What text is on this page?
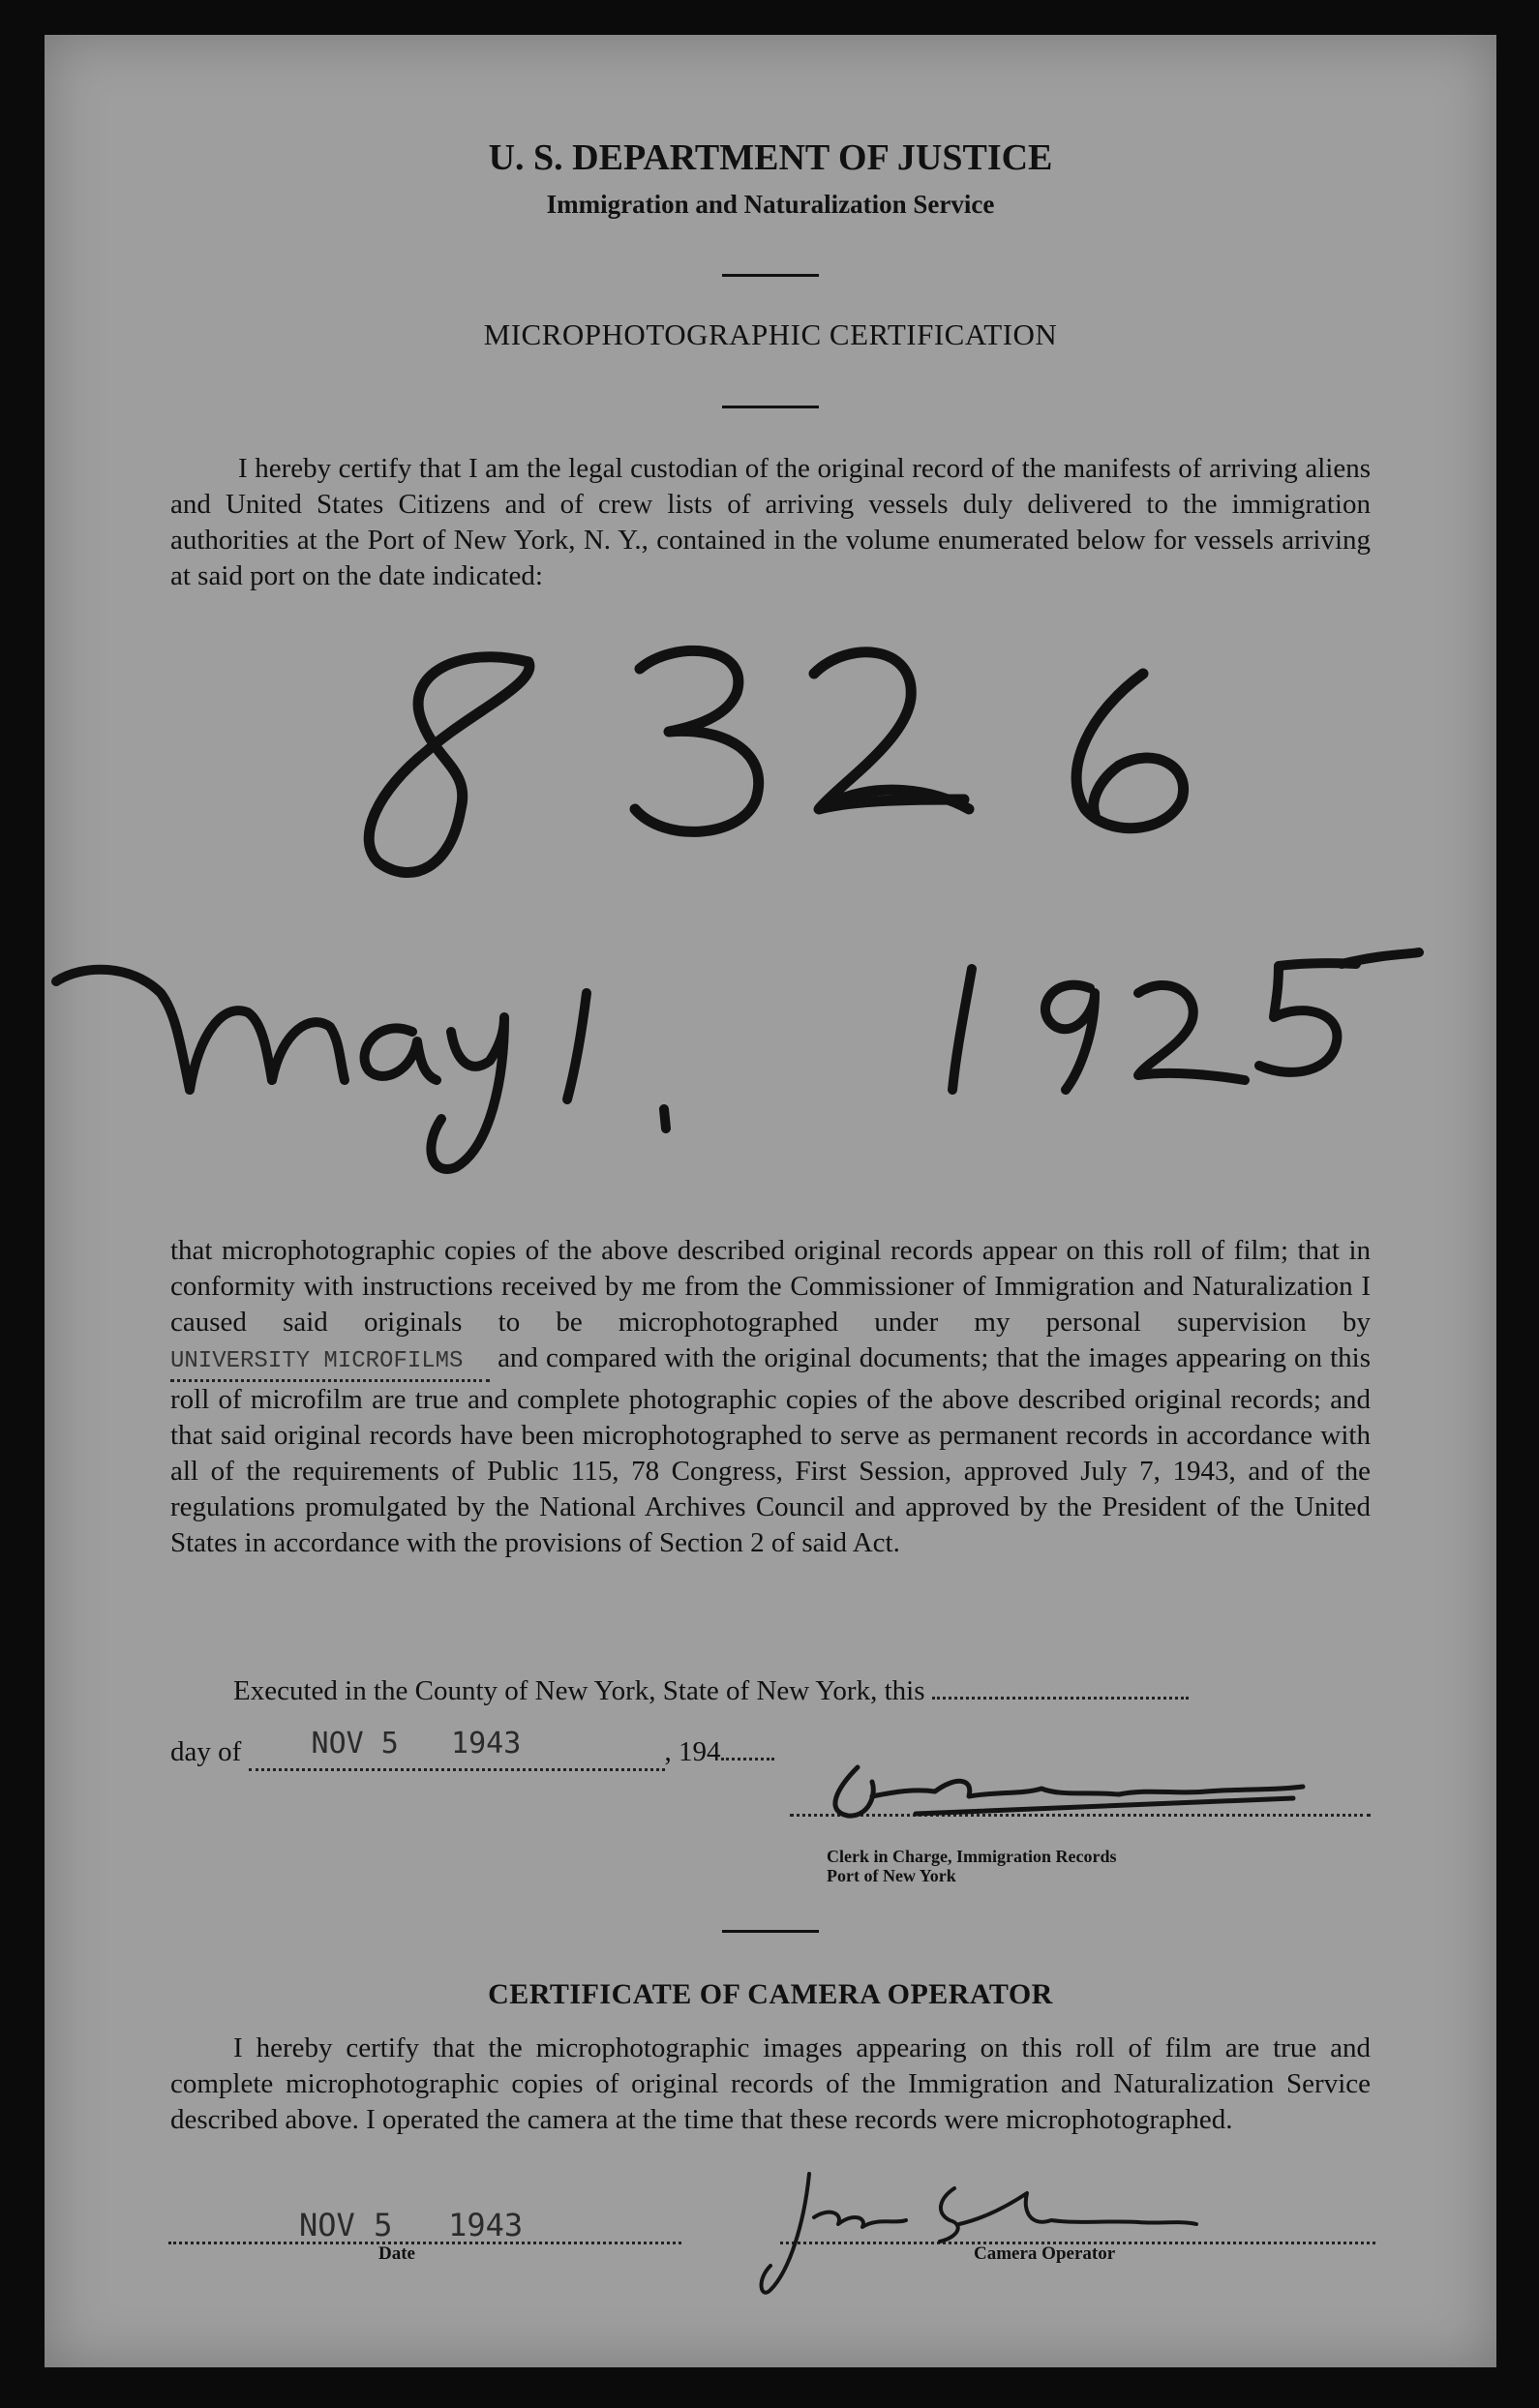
U. S. DEPARTMENT OF JUSTICE
Immigration and Naturalization Service
MICROPHOTOGRAPHIC CERTIFICATION
I hereby certify that I am the legal custodian of the original record of the manifests of arriving aliens and United States Citizens and of crew lists of arriving vessels duly delivered to the immigration authorities at the Port of New York, N. Y., contained in the volume enumerated below for vessels arriving at said port on the date indicated:
that microphotographic copies of the above described original records appear on this roll of film; that in conformity with instructions received by me from the Commissioner of Immigration and Naturalization I caused said originals to be microphotographed under my personal supervision by UNIVERSITY MICROFILMS and compared with the original documents; that the images appearing on this roll of microfilm are true and complete photographic copies of the above described original records; and that said original records have been microphotographed to serve as permanent records in accordance with all of the requirements of Public 115, 78 Congress, First Session, approved July 7, 1943, and of the regulations promulgated by the National Archives Council and approved by the President of the United States in accordance with the provisions of Section 2 of said Act.
Executed in the County of New York, State of New York, this
day of NOV 5   1943	, 194
Clerk in Charge, Immigration Records
Port of New York
CERTIFICATE OF CAMERA OPERATOR
I hereby certify that the microphotographic images appearing on this roll of film are true and complete microphotographic copies of original records of the Immigration and Naturalization Service described above. I operated the camera at the time that these records were microphotographed.
NOV 5   1943
Date	Camera Operator
